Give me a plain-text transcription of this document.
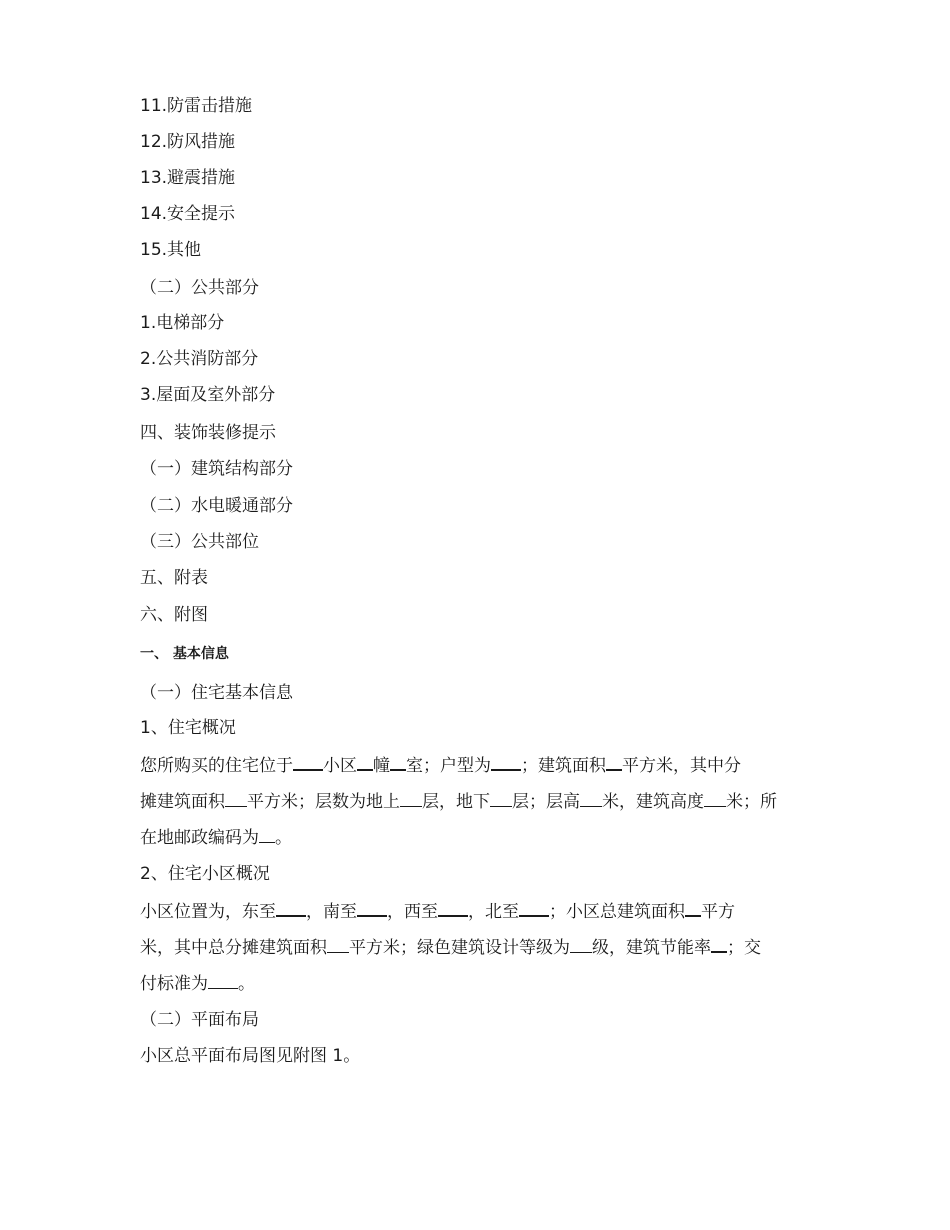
11.防雷击措施
12.防风措施
13.避震措施
14.安全提示
15.其他
（二）公共部分
1.电梯部分
2.公共消防部分
3.屋面及室外部分
四、装饰装修提示
（一）建筑结构部分
（二）水电暖通部分
（三）公共部位
五、附表
六、附图
一、 基本信息
（一）住宅基本信息
1、住宅概况
您所购买的住宅位于 小区 幢 室；户型为 ；建筑面积 平方米，其中分
摊建筑面积 平方米；层数为地上 层，地下 层；层高 米，建筑高度 米；所
在地邮政编码为 。
2、住宅小区概况
小区位置为，东至 ，南至 ，西至 ，北至 ；小区总建筑面积 平方
米，其中总分摊建筑面积 平方米；绿色建筑设计等级为 级，建筑节能率 ；交
付标准为 。
（二）平面布局
小区总平面布局图见附图 1。
